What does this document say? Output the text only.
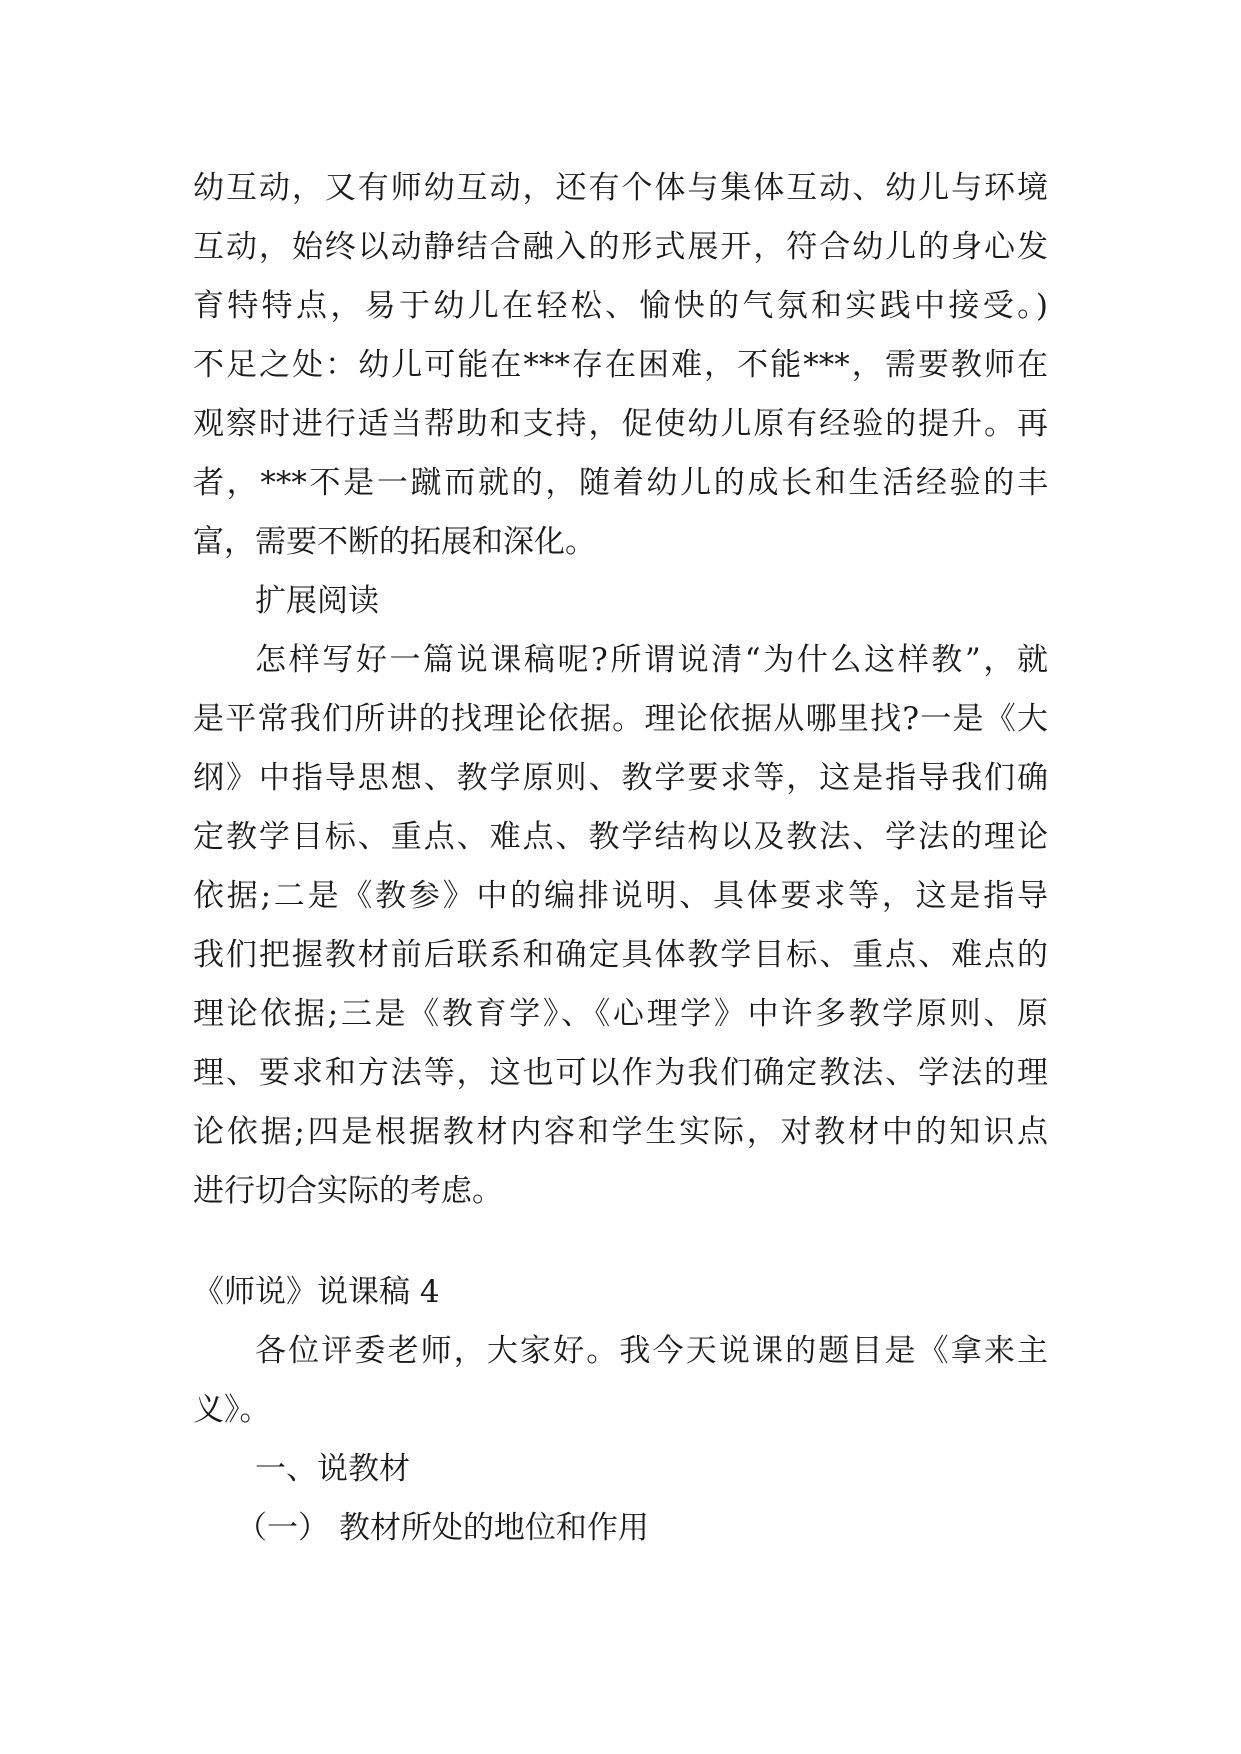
幼互动，又有师幼互动，还有个体与集体互动、幼儿与环境
互动，始终以动静结合融入的形式展开，符合幼儿的身心发
育特特点，易于幼儿在轻松、愉快的气氛和实践中接受。)
不足之处：幼儿可能在***存在困难，不能***，需要教师在
观察时进行适当帮助和支持，促使幼儿原有经验的提升。再
者，***不是一蹴而就的，随着幼儿的成长和生活经验的丰
富，需要不断的拓展和深化。
扩展阅读
怎样写好一篇说课稿呢?所谓说清“为什么这样教”，就
是平常我们所讲的找理论依据。理论依据从哪里找?一是《大
纲》中指导思想、教学原则、教学要求等，这是指导我们确
定教学目标、重点、难点、教学结构以及教法、学法的理论
依据;二是《教参》中的编排说明、具体要求等，这是指导
我们把握教材前后联系和确定具体教学目标、重点、难点的
理论依据;三是《教育学》、《心理学》中许多教学原则、原
理、要求和方法等，这也可以作为我们确定教法、学法的理
论依据;四是根据教材内容和学生实际，对教材中的知识点
进行切合实际的考虑。
《师说》说课稿 4
各位评委老师，大家好。我今天说课的题目是《拿来主
义》。
一、说教材
（一） 教材所处的地位和作用
